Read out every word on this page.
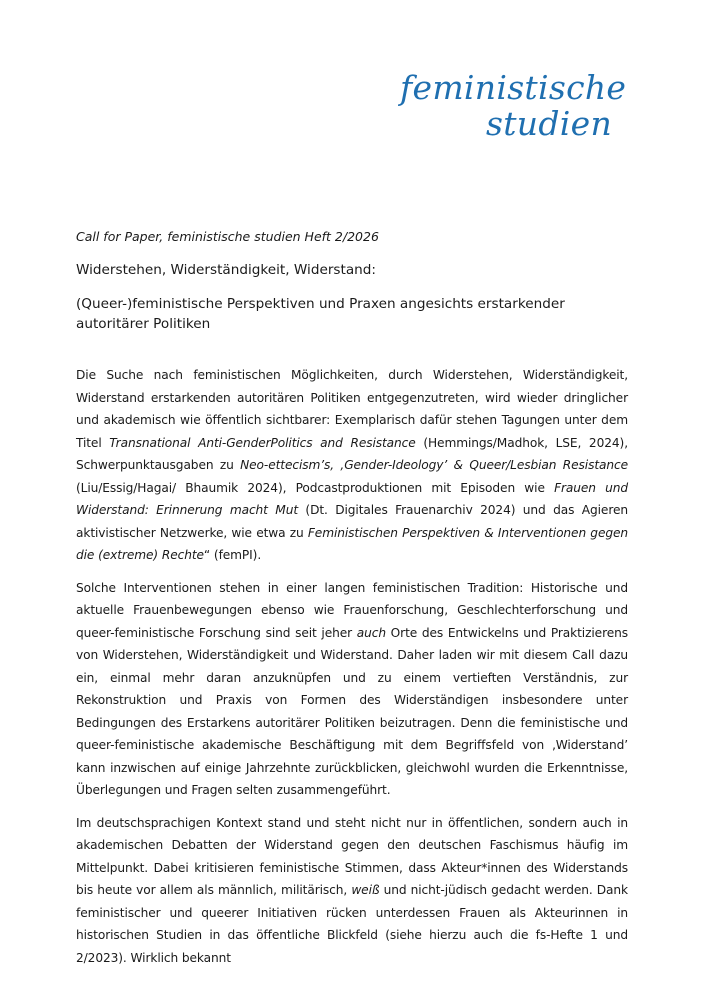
feministische
studien

Call for Paper, feministische studien Heft 2/2026

Widerstehen, Widerständigkeit, Widerstand:

(Queer-)feministische Perspektiven und Praxen angesichts erstarkender autoritärer Politiken

Die Suche nach feministischen Möglichkeiten, durch Widerstehen, Widerständigkeit, Widerstand erstarkenden autoritären Politiken entgegenzutreten, wird wieder dringlicher und akademisch wie öffentlich sichtbarer: Exemplarisch dafür stehen Tagungen unter dem Titel Transnational Anti-GenderPolitics and Resistance (Hemmings/Madhok, LSE, 2024), Schwerpunktausgaben zu Neo-ettecism’s, ‚Gender-Ideology’ & Queer/Lesbian Resistance (Liu/Essig/Hagai/ Bhaumik 2024), Podcastproduktionen mit Episoden wie Frauen und Widerstand: Erinnerung macht Mut (Dt. Digitales Frauenarchiv 2024) und das Agieren aktivistischer Netzwerke, wie etwa zu Feministischen Perspektiven & Interventionen gegen die (extreme) Rechte“ (femPI).

Solche Interventionen stehen in einer langen feministischen Tradition: Historische und aktuelle Frauenbewegungen ebenso wie Frauenforschung, Geschlechterforschung und queer-feministische Forschung sind seit jeher auch Orte des Entwickelns und Praktizierens von Widerstehen, Widerständigkeit und Widerstand. Daher laden wir mit diesem Call dazu ein, einmal mehr daran anzuknüpfen und zu einem vertieften Verständnis, zur Rekonstruktion und Praxis von Formen des Widerständigen insbesondere unter Bedingungen des Erstarkens autoritärer Politiken beizutragen. Denn die feministische und queer-feministische akademische Beschäftigung mit dem Begriffsfeld von ‚Widerstand’ kann inzwischen auf einige Jahrzehnte zurückblicken, gleichwohl wurden die Erkenntnisse, Überlegungen und Fragen selten zusammengeführt.

Im deutschsprachigen Kontext stand und steht nicht nur in öffentlichen, sondern auch in akademischen Debatten der Widerstand gegen den deutschen Faschismus häufig im Mittelpunkt. Dabei kritisieren feministische Stimmen, dass Akteur*innen des Widerstands bis heute vor allem als männlich, militärisch, weiß und nicht-jüdisch gedacht werden. Dank feministischer und queerer Initiativen rücken unterdessen Frauen als Akteurinnen in historischen Studien in das öffentliche Blickfeld (siehe hierzu auch die fs-Hefte 1 und 2/2023). Wirklich bekannt
